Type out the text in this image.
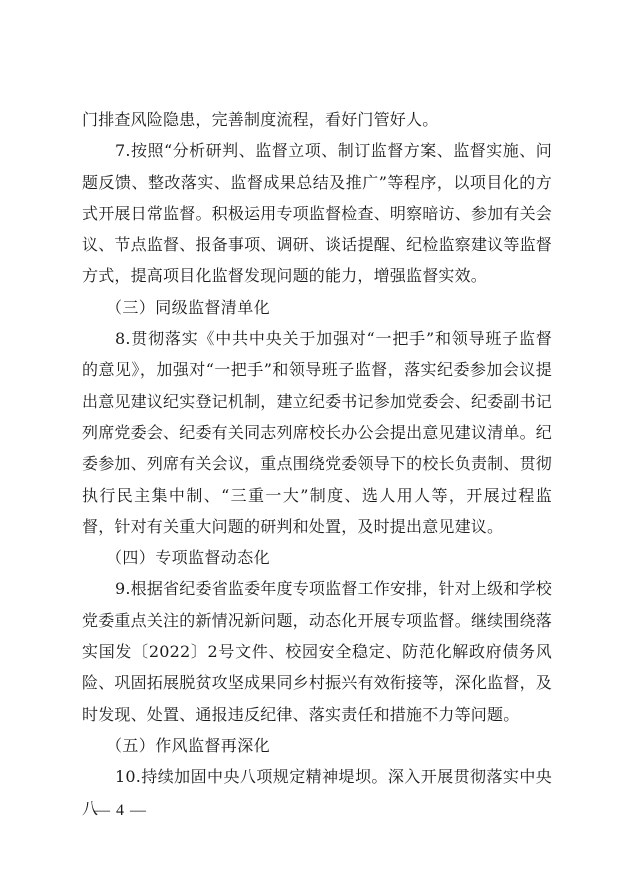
门排查风险隐患，完善制度流程，看好门管好人。

7.按照“分析研判、监督立项、制订监督方案、监督实施、问题反馈、整改落实、监督成果总结及推广”等程序，以项目化的方式开展日常监督。积极运用专项监督检查、明察暗访、参加有关会议、节点监督、报备事项、调研、谈话提醒、纪检监察建议等监督方式，提高项目化监督发现问题的能力，增强监督实效。

（三）同级监督清单化

8.贯彻落实《中共中央关于加强对“一把手”和领导班子监督的意见》，加强对“一把手”和领导班子监督，落实纪委参加会议提出意见建议纪实登记机制，建立纪委书记参加党委会、纪委副书记列席党委会、纪委有关同志列席校长办公会提出意见建议清单。纪委参加、列席有关会议，重点围绕党委领导下的校长负责制、贯彻执行民主集中制、“三重一大”制度、选人用人等，开展过程监督，针对有关重大问题的研判和处置，及时提出意见建议。

（四）专项监督动态化

9.根据省纪委省监委年度专项监督工作安排，针对上级和学校党委重点关注的新情况新问题，动态化开展专项监督。继续围绕落实国发〔2022〕2号文件、校园安全稳定、防范化解政府债务风险、巩固拓展脱贫攻坚成果同乡村振兴有效衔接等，深化监督，及时发现、处置、通报违反纪律、落实责任和措施不力等问题。

（五）作风监督再深化

10.持续加固中央八项规定精神堤坝。深入开展贯彻落实中央八

— 4 —
